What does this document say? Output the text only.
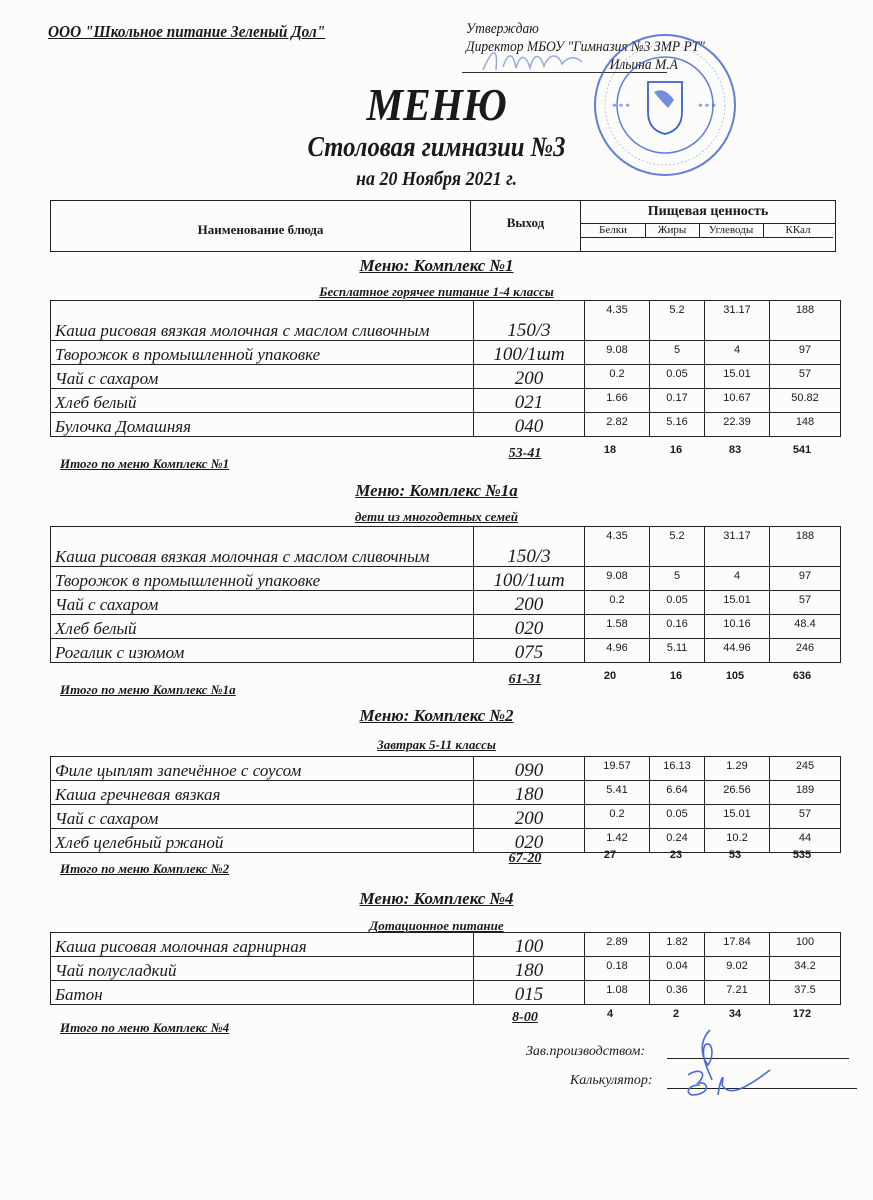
ООО "Школьное питание Зеленый Дол"	Утверждаю
Директор МБОУ "Гимназия №3 ЗМР РТ"
Ильина М.А
* * *	* * *
МЕНЮ
Столовая гимназии №3
на 20 Ноября 2021 г.
Наименование блюда	Выход
Пищевая ценность
Белки	Жиры	Углеводы	ККал
Меню: Комплекс №1
Бесплатное горячее питание 1-4 классы
Каша рисовая вязкая молочная с маслом сливочным	150/3	4.35	5.2	31.17	188
Творожок в промышленной упаковке	100/1шт	9.08	5	4	97
Чай с сахаром	200	0.2	0.05	15.01	57
Хлеб белый	021	1.66	0.17	10.67	50.82
Булочка Домашняя	040	2.82	5.16	22.39	148
Итого по меню Комплекс №1
53-41	18	16	83	541
Меню: Комплекс №1а
дети из многодетных семей
Каша рисовая вязкая молочная с маслом сливочным	150/3	4.35	5.2	31.17	188
Творожок в промышленной упаковке	100/1шт	9.08	5	4	97
Чай с сахаром	200	0.2	0.05	15.01	57
Хлеб белый	020	1.58	0.16	10.16	48.4
Рогалик с изюмом	075	4.96	5.11	44.96	246
Итого по меню Комплекс №1а
61-31	20	16	105	636
Меню: Комплекс №2
Завтрак 5-11 классы
Филе цыплят запечённое с соусом	090	19.57	16.13	1.29	245
Каша гречневая вязкая	180	5.41	6.64	26.56	189
Чай с сахаром	200	0.2	0.05	15.01	57
Хлеб целебный ржаной	020	1.42	0.24	10.2	44
Итого по меню Комплекс №2
67-20	27	23	53	535
Меню: Комплекс №4
Дотационное питание
Каша рисовая молочная гарнирная	100	2.89	1.82	17.84	100
Чай полусладкий	180	0.18	0.04	9.02	34.2
Батон	015	1.08	0.36	7.21	37.5
Итого по меню Комплекс №4
8-00	4	2	34	172
Зав.производством:
Калькулятор:
